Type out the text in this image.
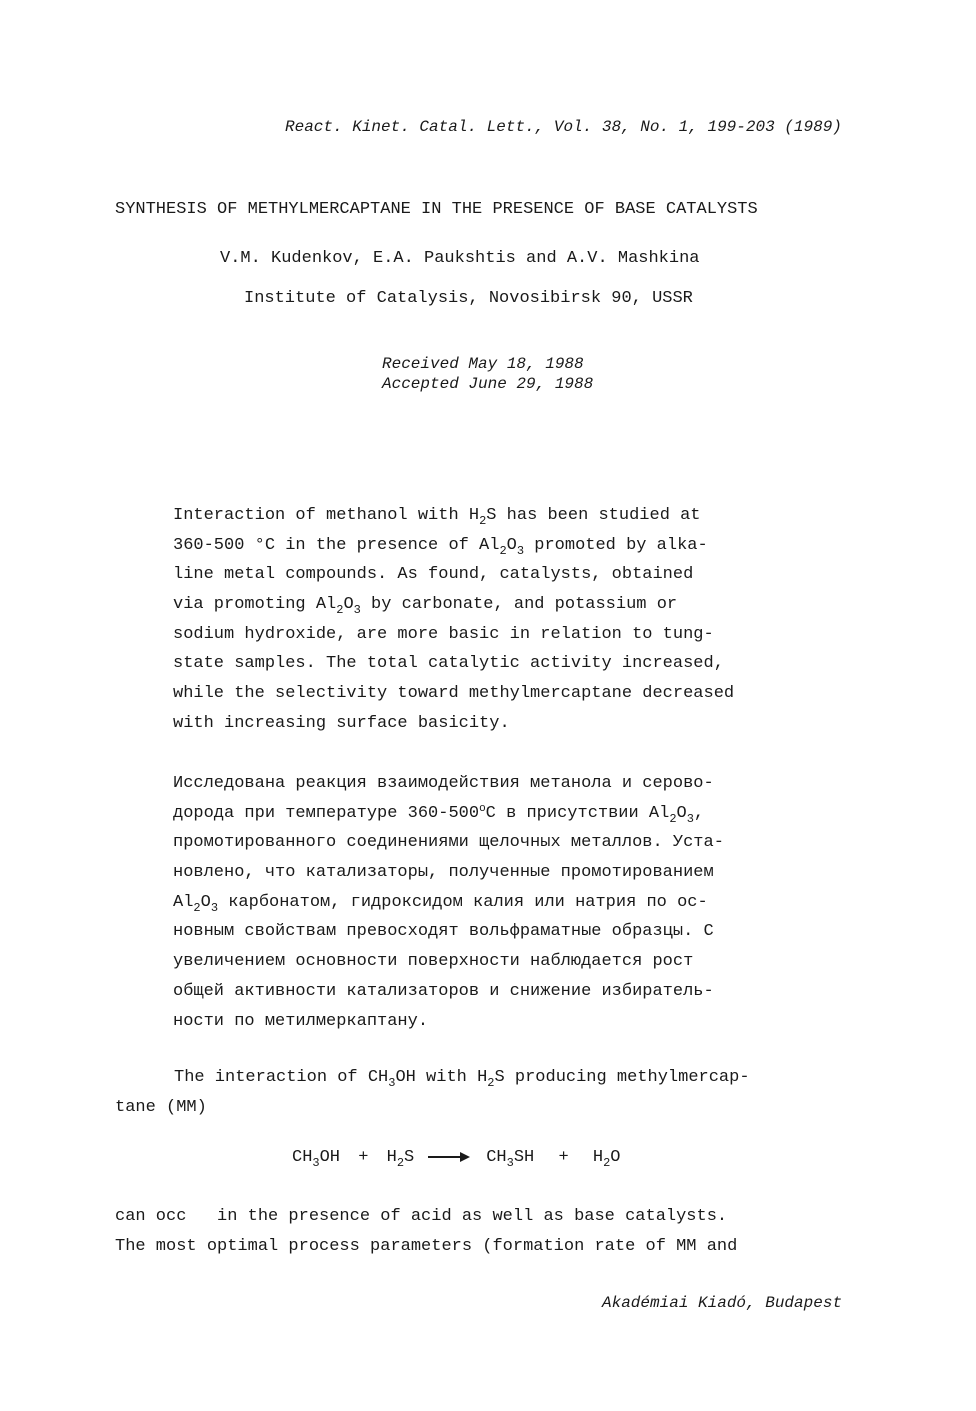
React. Kinet. Catal. Lett., Vol. 38, No. 1, 199-203 (1989)
SYNTHESIS OF METHYLMERCAPTANE IN THE PRESENCE OF BASE CATALYSTS
V.M. Kudenkov, E.A. Paukshtis and A.V. Mashkina
Institute of Catalysis, Novosibirsk 90, USSR
Received May 18, 1988
Accepted June 29, 1988
Interaction of methanol with $H_2S$ has been studied at
360-500 °C in the presence of $Al_2O_3$ promoted by alka-
line metal compounds. As found, catalysts, obtained
via promoting $Al_2O_3$ by carbonate, and potassium or
sodium hydroxide, are more basic in relation to tung-
state samples. The total catalytic activity increased,
while the selectivity toward methylmercaptane decreased
with increasing surface basicity.
Исследована реакция взаимодействия метанола и серово-
дорода при температуре 360-500$^o$C в присутствии $Al_2O_3$,
промотированного соединениями щелочных металлов. Уста-
новлено, что катализаторы, полученные промотированием
$Al_2O_3$ карбонатом, гидроксидом калия или натрия по ос-
новным свойствам превосходят вольфраматные образцы. С
увеличением основности поверхности наблюдается рост
общей активности катализаторов и снижение избиратель-
ности по метилмеркаптану.
The interaction of $CH_3OH$ with $H_2S$ producing methylmercap-
tane (MM)
$CH_3OH + H_2S \to CH_3SH + H_2O$
can occ   in the presence of acid as well as base catalysts.
The most optimal process parameters (formation rate of MM and
Akadémiai Kiadó, Budapest
